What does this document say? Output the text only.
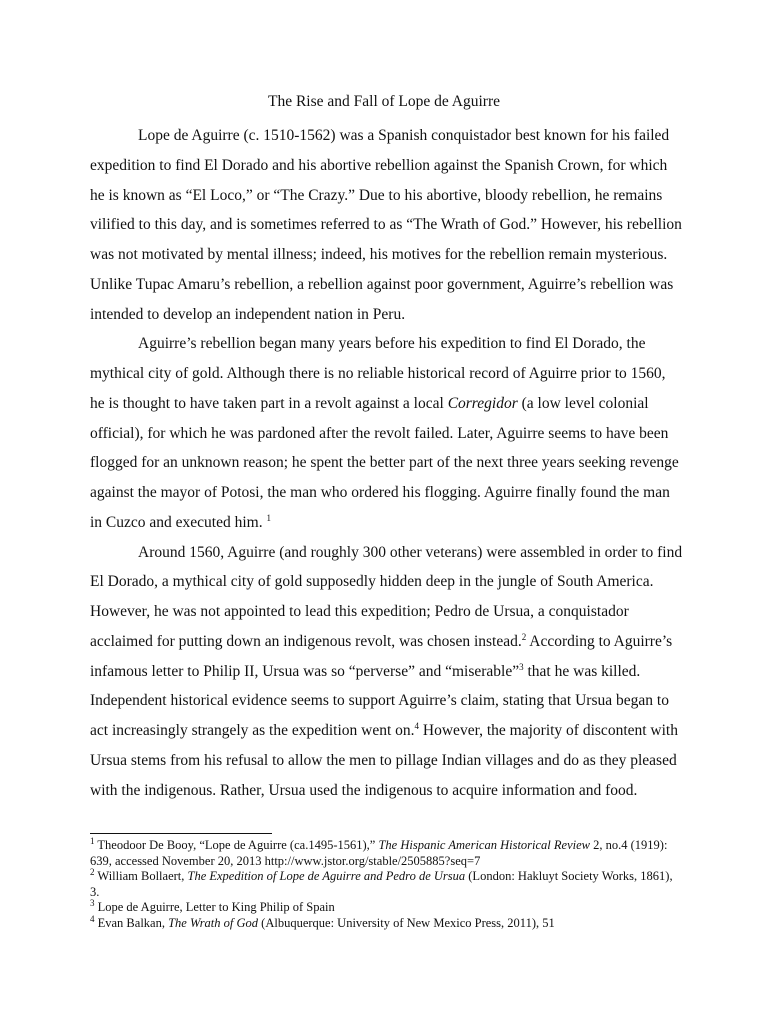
The Rise and Fall of Lope de Aguirre

Lope de Aguirre (c. 1510-1562) was a Spanish conquistador best known for his failed expedition to find El Dorado and his abortive rebellion against the Spanish Crown, for which he is known as “El Loco,” or “The Crazy.” Due to his abortive, bloody rebellion, he remains vilified to this day, and is sometimes referred to as “The Wrath of God.” However, his rebellion was not motivated by mental illness; indeed, his motives for the rebellion remain mysterious. Unlike Tupac Amaru’s rebellion, a rebellion against poor government, Aguirre’s rebellion was intended to develop an independent nation in Peru.

Aguirre’s rebellion began many years before his expedition to find El Dorado, the mythical city of gold. Although there is no reliable historical record of Aguirre prior to 1560, he is thought to have taken part in a revolt against a local Corregidor (a low level colonial official), for which he was pardoned after the revolt failed. Later, Aguirre seems to have been flogged for an unknown reason; he spent the better part of the next three years seeking revenge against the mayor of Potosi, the man who ordered his flogging. Aguirre finally found the man in Cuzco and executed him. $^1$

Around 1560, Aguirre (and roughly 300 other veterans) were assembled in order to find El Dorado, a mythical city of gold supposedly hidden deep in the jungle of South America. However, he was not appointed to lead this expedition; Pedro de Ursua, a conquistador acclaimed for putting down an indigenous revolt, was chosen instead.$^2$ According to Aguirre’s infamous letter to Philip II, Ursua was so “perverse” and “miserable”$^3$ that he was killed. Independent historical evidence seems to support Aguirre’s claim, stating that Ursua began to act increasingly strangely as the expedition went on.$^4$ However, the majority of discontent with Ursua stems from his refusal to allow the men to pillage Indian villages and do as they pleased with the indigenous. Rather, Ursua used the indigenous to acquire information and food.

$^1$ Theodoor De Booy, “Lope de Aguirre (ca.1495-1561),” The Hispanic American Historical Review 2, no.4 (1919): 639, accessed November 20, 2013 http://www.jstor.org/stable/2505885?seq=7

$^2$ William Bollaert, The Expedition of Lope de Aguirre and Pedro de Ursua (London: Hakluyt Society Works, 1861), 3.

$^3$ Lope de Aguirre, Letter to King Philip of Spain

$^4$ Evan Balkan, The Wrath of God (Albuquerque: University of New Mexico Press, 2011), 51
